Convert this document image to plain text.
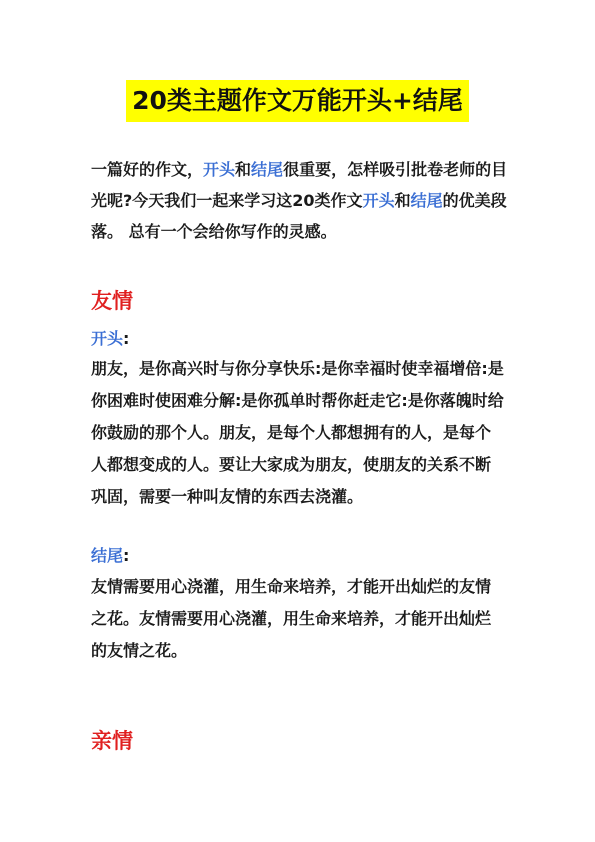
20类主题作文万能开头+结尾
一篇好的作文，开头和结尾很重要，怎样吸引批卷老师的目光呢?今天我们一起来学习这20类作文开头和结尾的优美段落。 总有一个会给你写作的灵感。
友情
开头:
朋友，是你高兴时与你分享快乐:是你幸福时使幸福增倍:是你困难时使困难分解:是你孤单时帮你赶走它:是你落魄时给你鼓励的那个人。朋友，是每个人都想拥有的人，是每个人都想变成的人。要让大家成为朋友，使朋友的关系不断巩固，需要一种叫友情的东西去浇灌。
结尾:
友情需要用心浇灌，用生命来培养，才能开出灿烂的友情之花。友情需要用心浇灌，用生命来培养，才能开出灿烂的友情之花。
亲情
